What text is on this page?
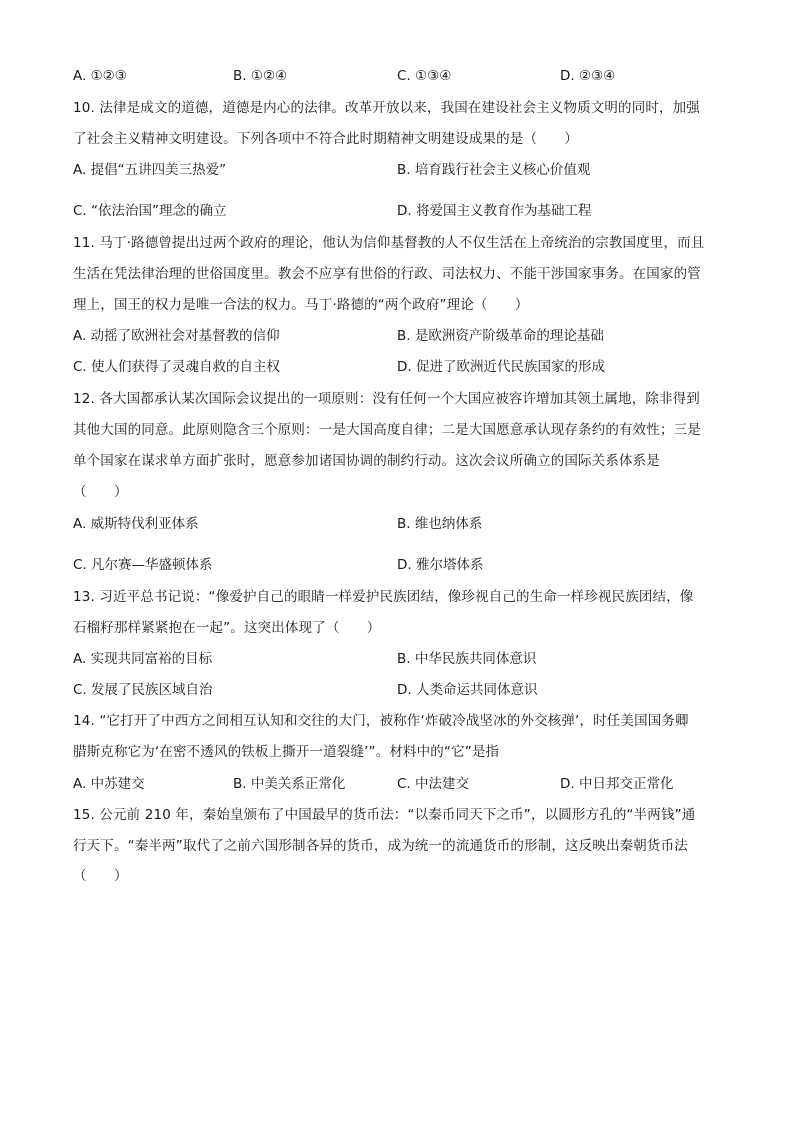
A. ①②③	B. ①②④	C. ①③④	D. ②③④
10. 法律是成文的道德，道德是内心的法律。改革开放以来，我国在建设社会主义物质文明的同时，加强
了社会主义精神文明建设。下列各项中不符合此时期精神文明建设成果的是（　　）
A. 提倡“五讲四美三热爱”	B. 培育践行社会主义核心价值观
C. “依法治国”理念的确立	D. 将爱国主义教育作为基础工程
11. 马丁·路德曾提出过两个政府的理论，他认为信仰基督教的人不仅生活在上帝统治的宗教国度里，而且
生活在凭法律治理的世俗国度里。教会不应享有世俗的行政、司法权力、不能干涉国家事务。在国家的管
理上，国王的权力是唯一合法的权力。马丁·路德的“两个政府”理论（　　）
A. 动摇了欧洲社会对基督教的信仰	B. 是欧洲资产阶级革命的理论基础
C. 使人们获得了灵魂自救的自主权	D. 促进了欧洲近代民族国家的形成
12. 各大国都承认某次国际会议提出的一项原则：没有任何一个大国应被容许增加其领土属地，除非得到
其他大国的同意。此原则隐含三个原则：一是大国高度自律；二是大国愿意承认现存条约的有效性；三是
单个国家在谋求单方面扩张时，愿意参加诸国协调的制约行动。这次会议所确立的国际关系体系是
（　　）
A. 威斯特伐利亚体系	B. 维也纳体系
C. 凡尔赛—华盛顿体系	D. 雅尔塔体系
13. 习近平总书记说：“像爱护自己的眼睛一样爱护民族团结，像珍视自己的生命一样珍视民族团结，像
石榴籽那样紧紧抱在一起”。这突出体现了（　　）
A. 实现共同富裕的目标	B. 中华民族共同体意识
C. 发展了民族区域自治	D. 人类命运共同体意识
14. “它打开了中西方之间相互认知和交往的大门，被称作‘炸破冷战坚冰的外交核弹’，时任美国国务卿
腊斯克称它为‘在密不透风的铁板上撕开一道裂缝’”。材料中的“它”是指
A. 中苏建交	B. 中美关系正常化	C. 中法建交	D. 中日邦交正常化
15. 公元前 210 年，秦始皇颁布了中国最早的货币法：“以秦币同天下之币”，以圆形方孔的“半两钱”通
行天下。“秦半两”取代了之前六国形制各异的货币，成为统一的流通货币的形制，这反映出秦朝货币法
（　　）
